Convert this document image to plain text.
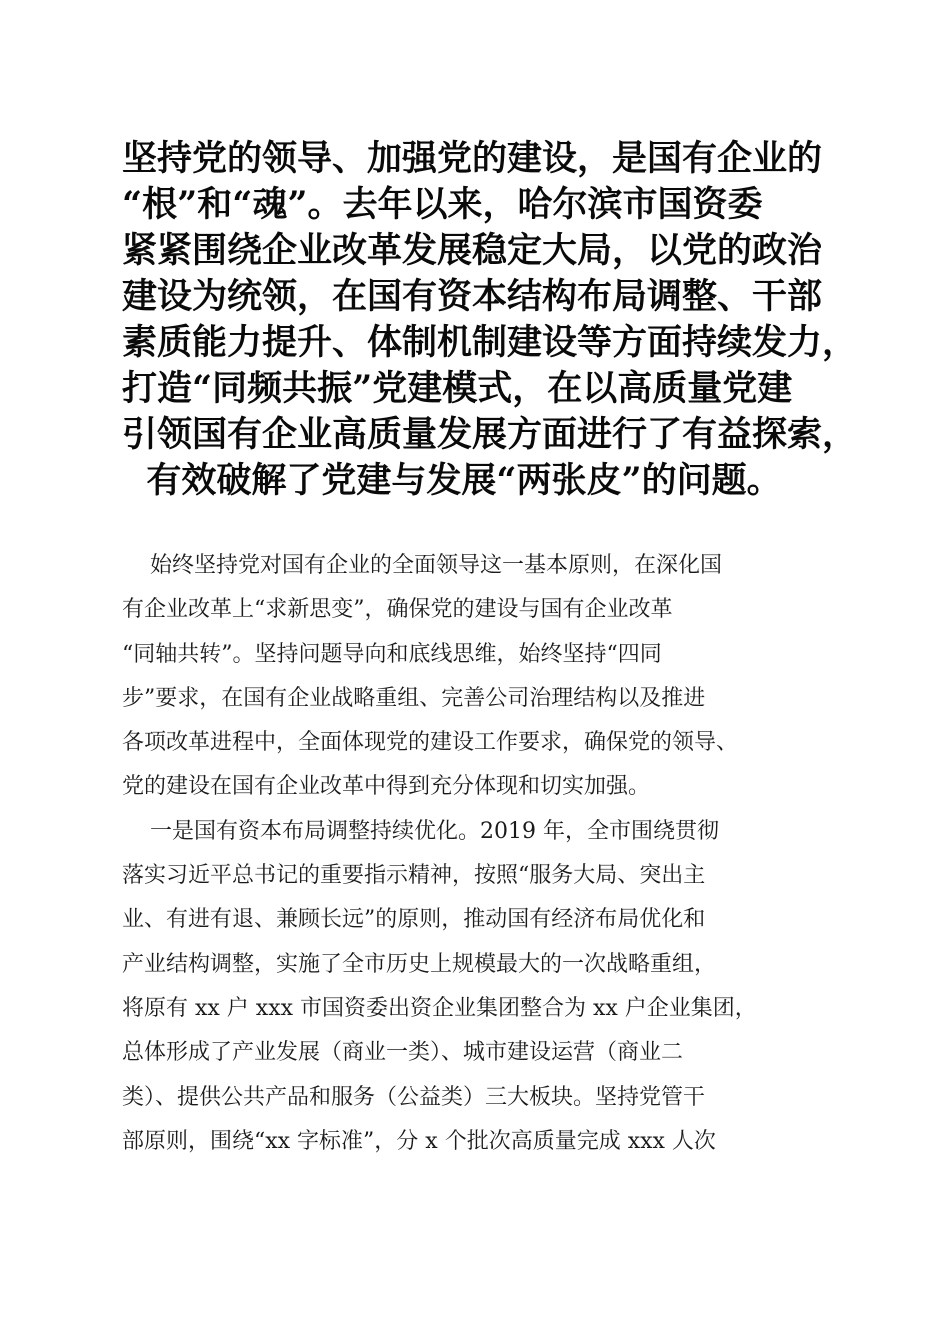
坚持党的领导、加强党的建设，是国有企业的
“根”和“魂”。去年以来，哈尔滨市国资委
紧紧围绕企业改革发展稳定大局，以党的政治
建设为统领，在国有资本结构布局调整、干部
素质能力提升、体制机制建设等方面持续发力，
打造“同频共振”党建模式，在以高质量党建
引领国有企业高质量发展方面进行了有益探索，
有效破解了党建与发展“两张皮”的问题。
始终坚持党对国有企业的全面领导这一基本原则，在深化国
有企业改革上“求新思变”，确保党的建设与国有企业改革
“同轴共转”。坚持问题导向和底线思维，始终坚持“四同
步”要求，在国有企业战略重组、完善公司治理结构以及推进
各项改革进程中，全面体现党的建设工作要求，确保党的领导、
党的建设在国有企业改革中得到充分体现和切实加强。
一是国有资本布局调整持续优化。2019 年，全市围绕贯彻
落实习近平总书记的重要指示精神，按照“服务大局、突出主
业、有进有退、兼顾长远”的原则，推动国有经济布局优化和
产业结构调整，实施了全市历史上规模最大的一次战略重组，
将原有 xx 户 xxx 市国资委出资企业集团整合为 xx 户企业集团，
总体形成了产业发展（商业一类）、城市建设运营（商业二
类）、提供公共产品和服务（公益类）三大板块。坚持党管干
部原则，围绕“xx 字标准”，分 x 个批次高质量完成 xxx 人次
